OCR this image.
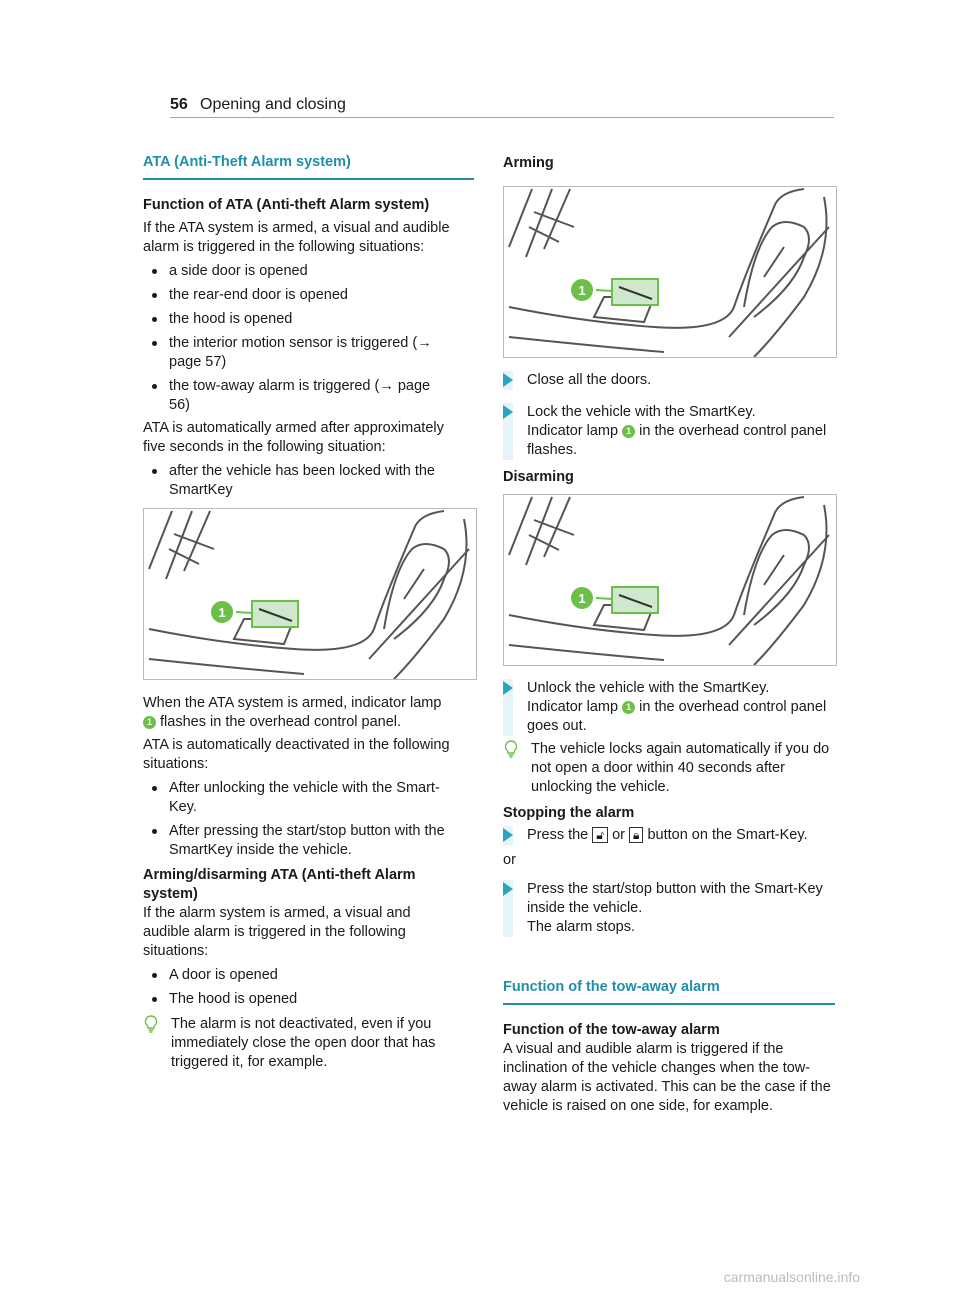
56 Opening and closing
ATA (Anti-Theft Alarm system)
Function of ATA (Anti-theft Alarm system)

If the ATA system is armed, a visual and audible alarm is triggered in the following situations:

a side door is opened
the rear-end door is opened
the hood is opened
the interior motion sensor is triggered (→ page 57)
the tow-away alarm is triggered (→ page 56)

ATA is automatically armed after approximately five seconds in the following situation:

after the vehicle has been locked with the SmartKey
1

When the ATA system is armed, indicator lamp
1 flashes in the overhead control panel.

ATA is automatically deactivated in the following situations:

After unlocking the vehicle with the Smart-Key.
After pressing the start/stop button with the SmartKey inside the vehicle.
Arming/disarming ATA (Anti-theft Alarm system)

If the alarm system is armed, a visual and audible alarm is triggered in the following situations:

A door is opened
The hood is opened

The alarm is not deactivated, even if you immediately close the open door that has triggered it, for example.

Arming
1
Close all the doors.
Lock the vehicle with the SmartKey.
Indicator lamp 1 in the overhead control panel flashes.
Disarming
1
Unlock the vehicle with the SmartKey.
Indicator lamp 1 in the overhead control panel goes out.

The vehicle locks again automatically if you do not open a door within 40 seconds after unlocking the vehicle.

Stopping the alarm
Press the 🔓︎ or 🔒︎ button on the Smart-Key.

or

Press the start/stop button with the Smart-Key inside the vehicle.
The alarm stops.
Function of the tow-away alarm
Function of the tow-away alarm

A visual and audible alarm is triggered if the inclination of the vehicle changes when the tow-away alarm is activated. This can be the case if the vehicle is raised on one side, for example.

carmanualsonline.info
